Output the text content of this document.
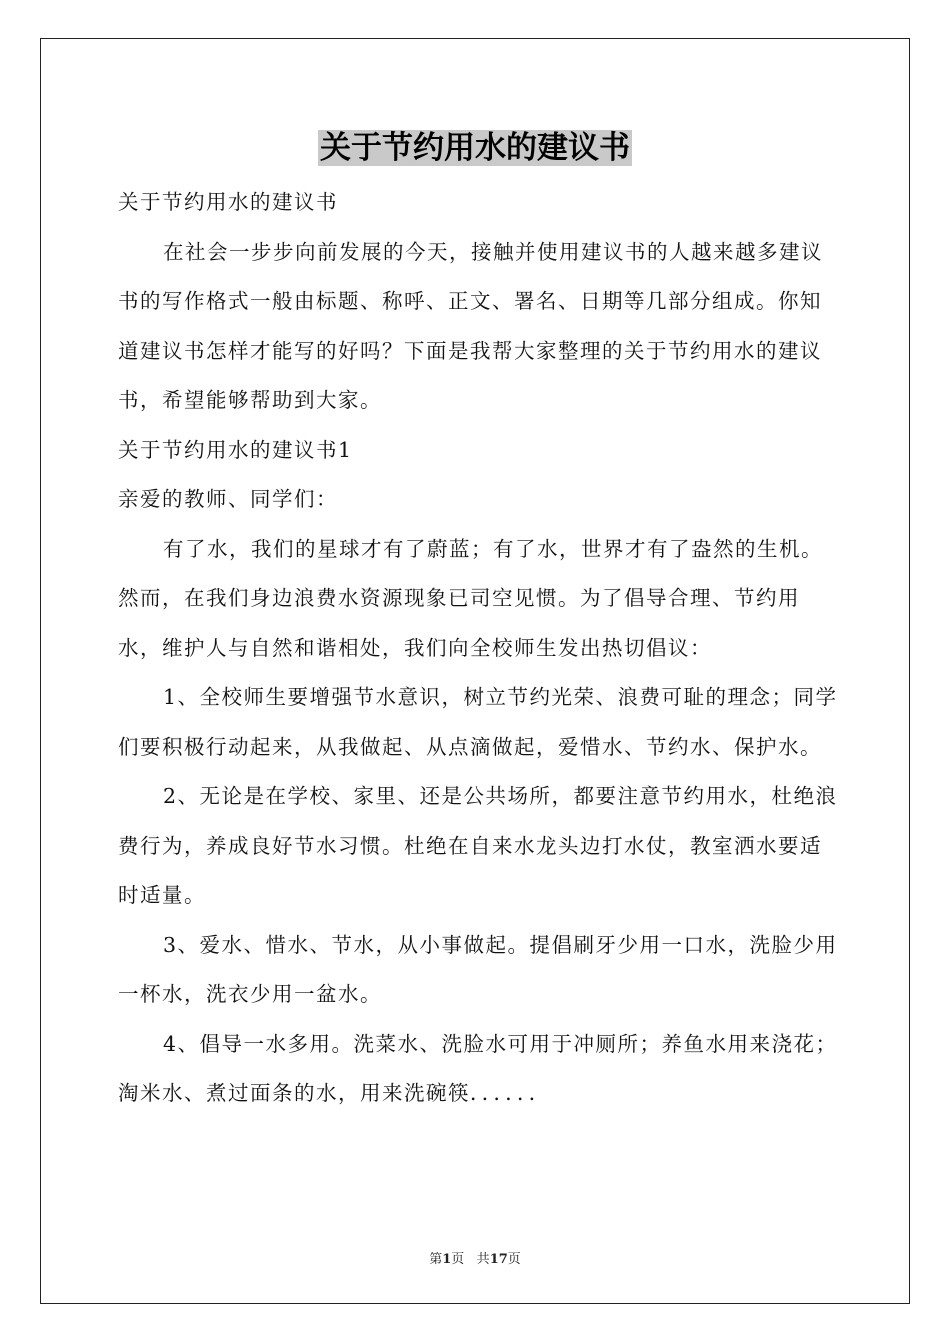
关于节约用水的建议书

关于节约用水的建议书

在社会一步步向前发展的今天，接触并使用建议书的人越来越多建议书的写作格式一般由标题、称呼、正文、署名、日期等几部分组成。你知道建议书怎样才能写的好吗？下面是我帮大家整理的关于节约用水的建议书，希望能够帮助到大家。

关于节约用水的建议书1

亲爱的教师、同学们：

有了水，我们的星球才有了蔚蓝；有了水，世界才有了盎然的生机。然而，在我们身边浪费水资源现象已司空见惯。为了倡导合理、节约用水，维护人与自然和谐相处，我们向全校师生发出热切倡议：

1、全校师生要增强节水意识，树立节约光荣、浪费可耻的理念；同学们要积极行动起来，从我做起、从点滴做起，爱惜水、节约水、保护水。

2、无论是在学校、家里、还是公共场所，都要注意节约用水，杜绝浪费行为，养成良好节水习惯。杜绝在自来水龙头边打水仗，教室洒水要适时适量。

3、爱水、惜水、节水，从小事做起。提倡刷牙少用一口水，洗脸少用一杯水，洗衣少用一盆水。

4、倡导一水多用。洗菜水、洗脸水可用于冲厕所；养鱼水用来浇花；淘米水、煮过面条的水，用来洗碗筷．．．．．．

第1页 共17页
